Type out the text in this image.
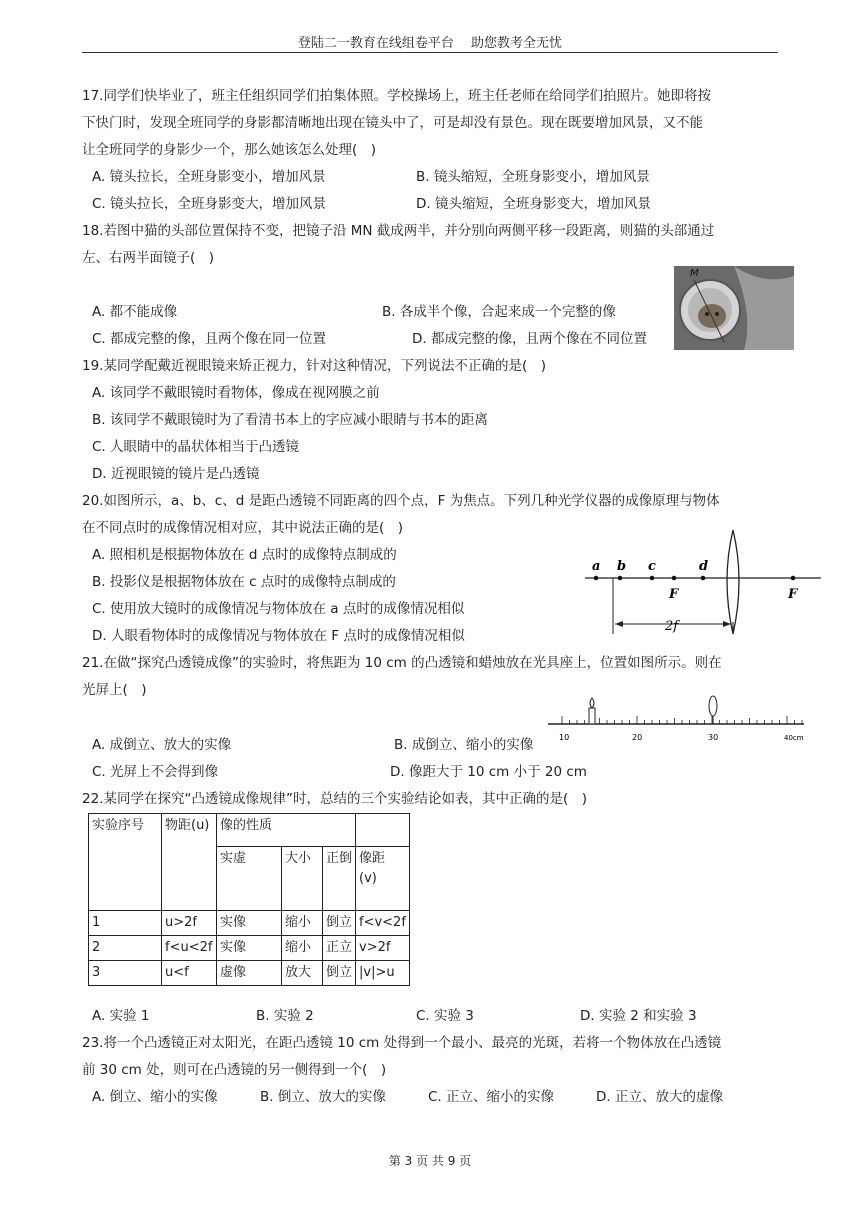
登陆二一教育在线组卷平台　 助您教考全无忧
17.同学们快毕业了，班主任组织同学们拍集体照。学校操场上，班主任老师在给同学们拍照片。她即将按
下快门时，发现全班同学的身影都清晰地出现在镜头中了，可是却没有景色。现在既要增加风景，又不能
让全班同学的身影少一个，那么她该怎么处理(　)
A. 镜头拉长，全班身影变小，增加风景	B. 镜头缩短，全班身影变小，增加风景
C. 镜头拉长，全班身影变大，增加风景	D. 镜头缩短，全班身影变大，增加风景
18.若图中猫的头部位置保持不变，把镜子沿 MN 截成两半，并分别向两侧平移一段距离，则猫的头部通过
左、右两半面镜子(　)
A. 都不能成像	B. 各成半个像，合起来成一个完整的像
C. 都成完整的像，且两个像在同一位置	D. 都成完整的像，且两个像在不同位置
M
19.某同学配戴近视眼镜来矫正视力，针对这种情况，下列说法不正确的是(　)
A. 该同学不戴眼镜时看物体，像成在视网膜之前
B. 该同学不戴眼镜时为了看清书本上的字应减小眼睛与书本的距离
C. 人眼睛中的晶状体相当于凸透镜
D. 近视眼镜的镜片是凸透镜
20.如图所示，a、b、c、d 是距凸透镜不同距离的四个点，F 为焦点。下列几种光学仪器的成像原理与物体
在不同点时的成像情况相对应，其中说法正确的是(　)
A. 照相机是根据物体放在 d 点时的成像特点制成的
B. 投影仪是根据物体放在 c 点时的成像特点制成的
C. 使用放大镜时的成像情况与物体放在 a 点时的成像情况相似
D. 人眼看物体时的成像情况与物体放在 F 点时的成像情况相似
a b c	d
F	F
2f
21.在做“探究凸透镜成像”的实验时，将焦距为 10 cm 的凸透镜和蜡烛放在光具座上，位置如图所示。则在
光屏上(　)
A. 成倒立、放大的实像	B. 成倒立、缩小的实像
C. 光屏上不会得到像	D. 像距大于 10 cm 小于 20 cm
10	20	30	40cm
22.某同学在探究“凸透镜成像规律”时，总结的三个实验结论如表，其中正确的是(　)
实验序号	物距(u)	像的性质			
		实虚	大小	正倒	像距
(v)
1	u>2f	实像	缩小	倒立	f<v<2f
2	f<u<2f	实像	缩小	正立	v>2f
3	u<f	虚像	放大	倒立	|v|>u
A. 实验 1	B. 实验 2	C. 实验 3	D. 实验 2 和实验 3
23.将一个凸透镜正对太阳光，在距凸透镜 10 cm 处得到一个最小、最亮的光斑，若将一个物体放在凸透镜
前 30 cm 处，则可在凸透镜的另一侧得到一个(　)
A. 倒立、缩小的实像	B. 倒立、放大的实像	C. 正立、缩小的实像	D. 正立、放大的虚像
第 3 页 共 9 页
